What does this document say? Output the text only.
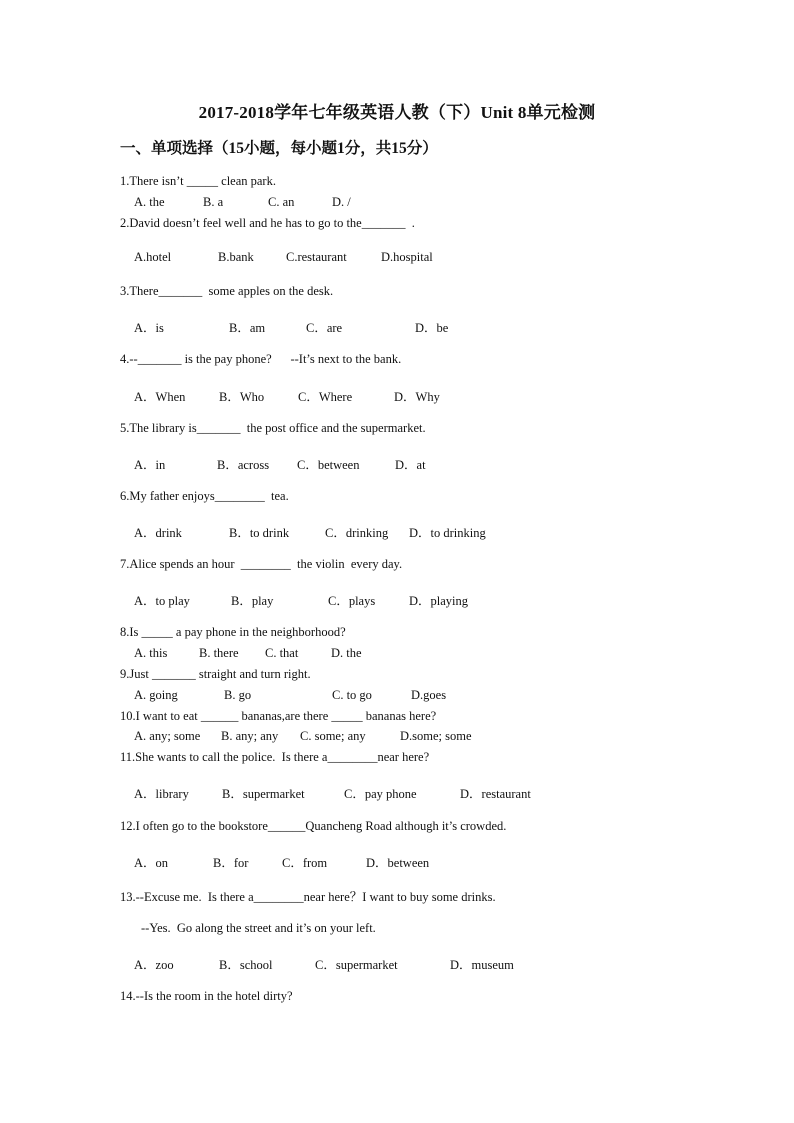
2017-2018学年七年级英语人教（下）Unit 8单元检测
一、单项选择（15小题，每小题1分，共15分）
1.There isn’t _____ clean park.
A. the	B. a	C. an	D. /
2.David doesn’t feel well and he has to go to the_______  .
A.hotel	B.bank	C.restaurant	D.hospital
3.There_______  some apples on the desk.
A．is	B．am	C．are	D．be
4.--_______ is the pay phone?      --It’s next to the bank.
A．When	B．Who	C．Where	D．Why
5.The library is_______  the post office and the supermarket.
A．in	B．across C．between	D．at
6.My father enjoys________  tea.
A．drink	B．to drink	C．drinking D．to drinking
7.Alice spends an hour  ________  the violin  every day.
A．to play	B．play	C．plays	D．playing
8.Is _____ a pay phone in the neighborhood?
A. this	B. there C. that	D. the
9.Just _______ straight and turn right.
A. going	B. go	C. to go	D.goes
10.I want to eat ______ bananas,are there _____ bananas here?
A. any; some B. any; any C. some; any	D.some; some
11.She wants to call the police.  Is there a________near here?
A．library	B．supermarket	C．pay phone	D．restaurant
12.I often go to the bookstore______Quancheng Road although it’s crowded.
A．on	B．for	C．from	D．between
13.--Excuse me.  Is there a________near here？I want to buy some drinks.
--Yes.  Go along the street and it’s on your left.
A．zoo	B．school	C．supermarket	D．museum
14.--Is the room in the hotel dirty?
